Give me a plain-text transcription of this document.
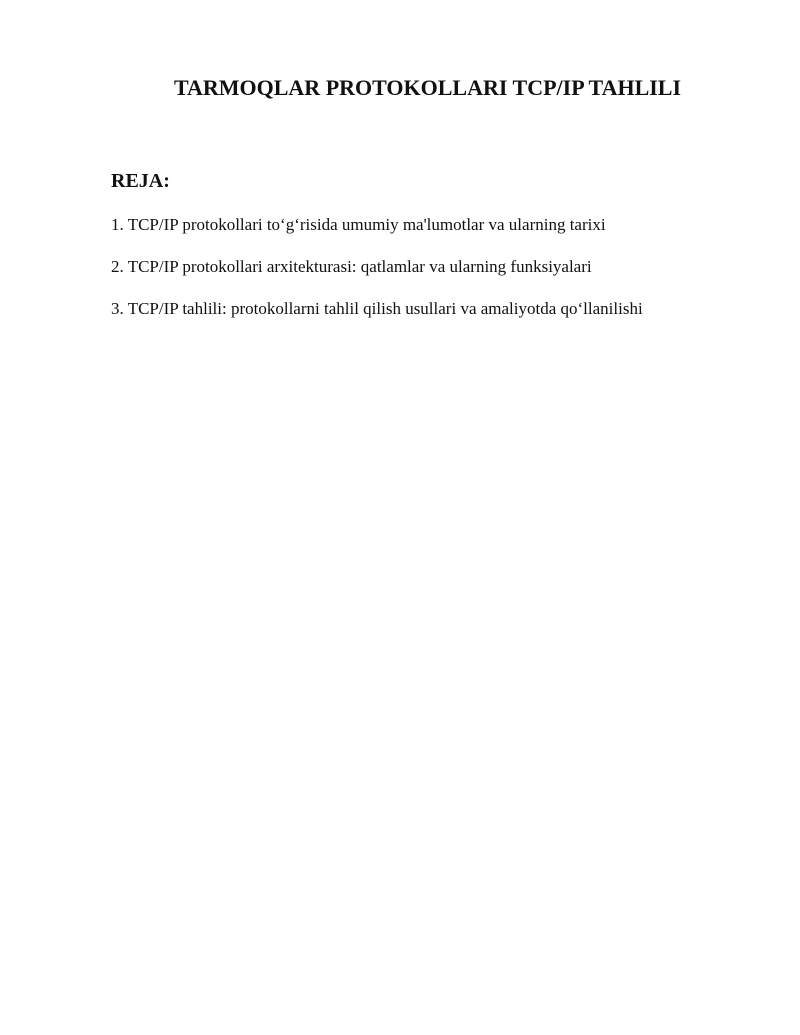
TARMOQLAR PROTOKOLLARI TCP/IP TAHLILI
REJA:
1. TCP/IP protokollari to‘g‘risida umumiy ma'lumotlar va ularning tarixi
2. TCP/IP protokollari arxitekturasi: qatlamlar va ularning funksiyalari
3. TCP/IP tahlili: protokollarni tahlil qilish usullari va amaliyotda qo‘llanilishi
